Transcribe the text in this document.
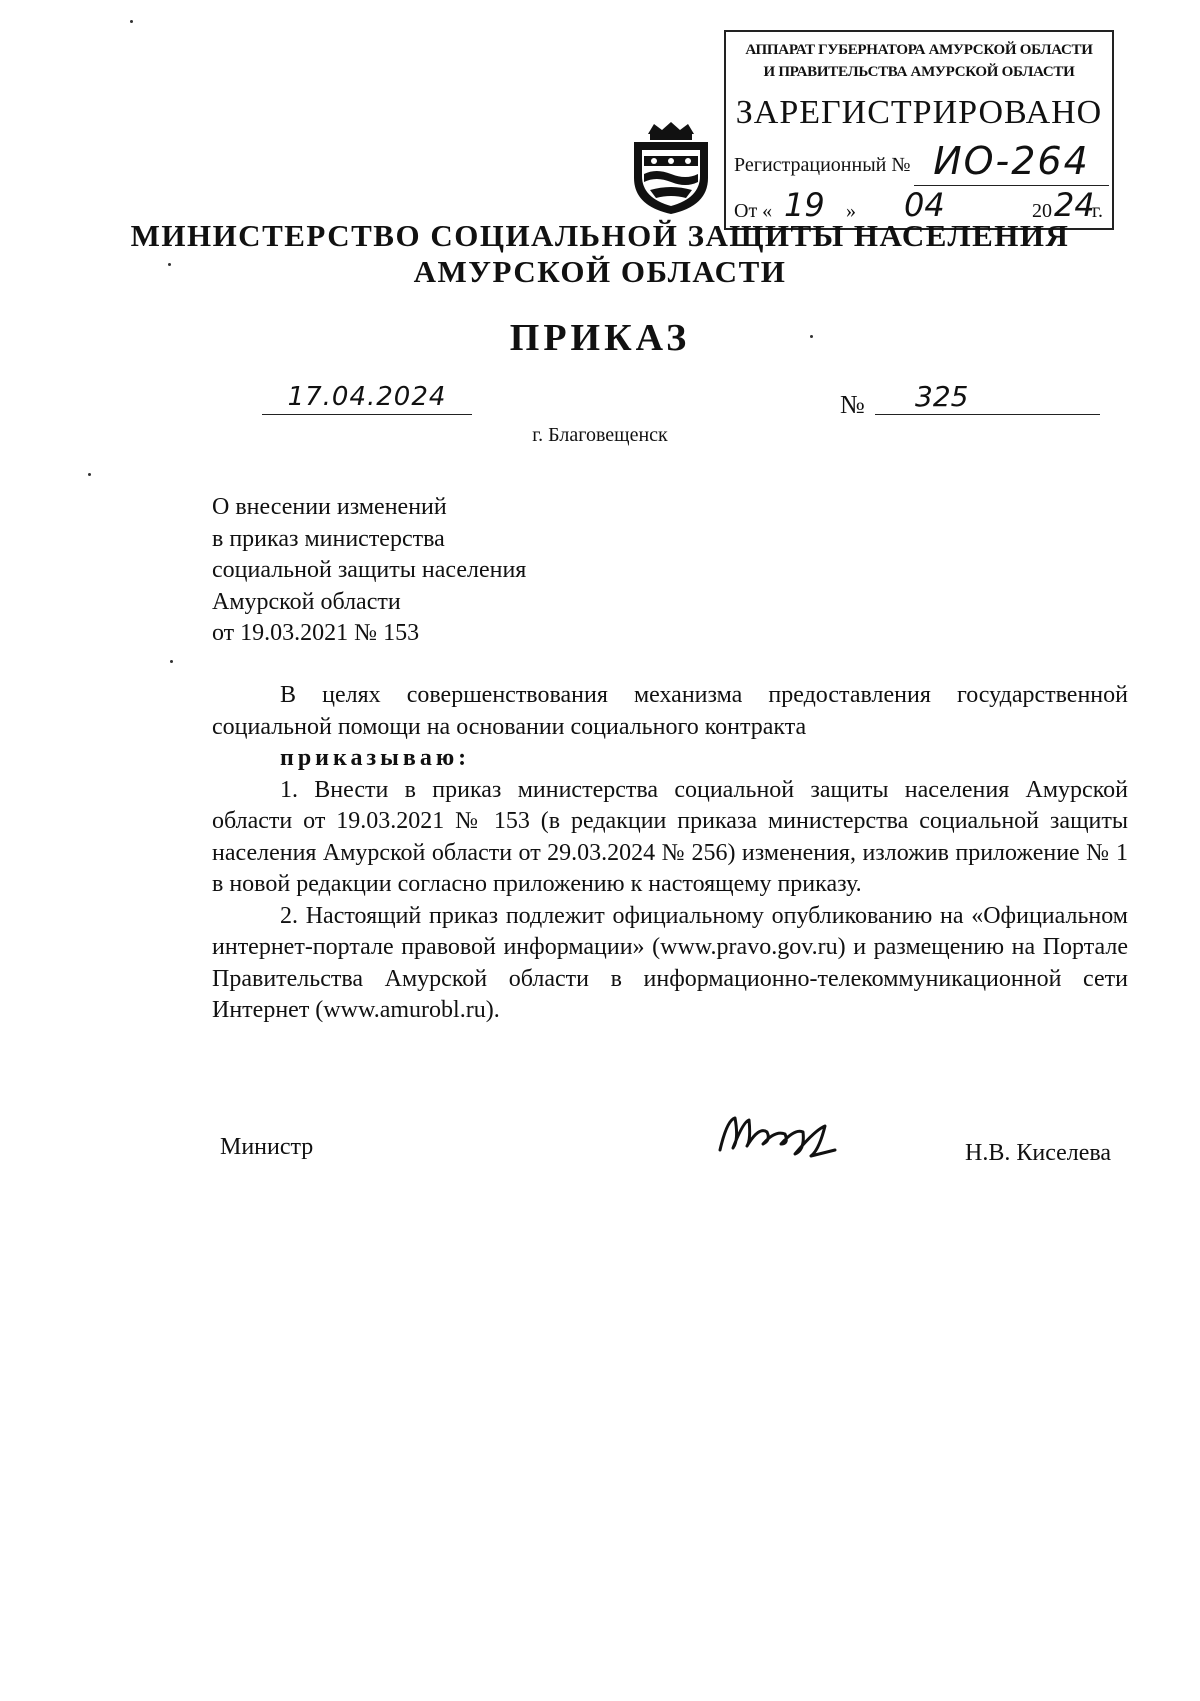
АППАРАТ ГУБЕРНАТОРА АМУРСКОЙ ОБЛАСТИ
И ПРАВИТЕЛЬСТВА АМУРСКОЙ ОБЛАСТИ
ЗАРЕГИСТРИРОВАНО
Регистрационный № ИО-264
От « 19 » 04	20 24
г.
МИНИСТЕРСТВО СОЦИАЛЬНОЙ ЗАЩИТЫ НАСЕЛЕНИЯ
АМУРСКОЙ ОБЛАСТИ
ПРИКАЗ
17.04.2024	№	325
г. Благовещенск
О внесении изменений
в приказ министерства
социальной защиты населения
Амурской области
от 19.03.2021 № 153

В целях совершенствования механизма предоставления государственной социальной помощи на основании социального контракта

приказываю:

1. Внести в приказ министерства социальной защиты населения Амурской области от 19.03.2021 № 153 (в редакции приказа министерства социальной защиты населения Амурской области от 29.03.2024 № 256) изменения, изложив приложение № 1 в новой редакции согласно приложению к настоящему приказу.

2. Настоящий приказ подлежит официальному опубликованию на «Официальном интернет-портале правовой информации» (www.pravo.gov.ru) и размещению на Портале Правительства Амурской области в информационно-телекоммуникационной сети Интернет (www.amurobl.ru).

Министр	Н.В. Киселева
